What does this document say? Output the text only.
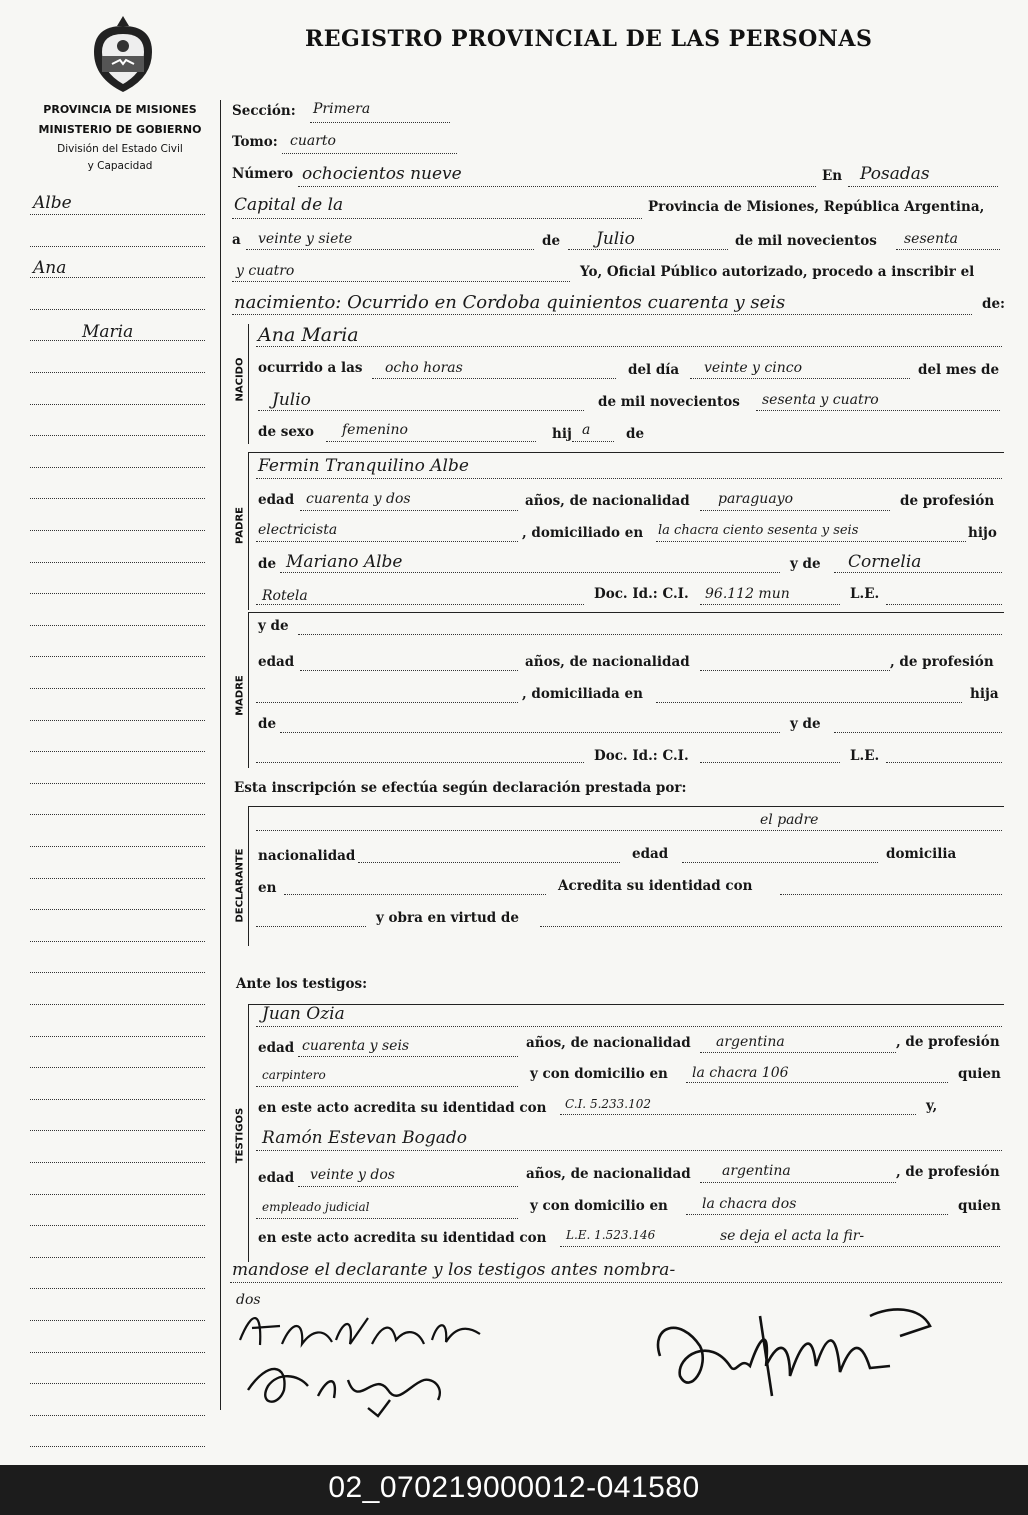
REGISTRO PROVINCIAL DE LAS PERSONAS
PROVINCIA DE MISIONES
MINISTERIO DE GOBIERNO
División del Estado Civil
y Capacidad
Albe
Ana
Maria
Sección: Primera
Tomo: cuarto
Número ochocientos nueve	En Posadas
Capital de la	Provincia de Misiones, República Argentina,
a veinte y siete	de Julio	de mil novecientos sesenta
y cuatro	Yo, Oficial Público autorizado, procedo a inscribir el
nacimiento: Ocurrido en Cordoba quinientos cuarenta y seis	de:
NACIDO
Ana Maria
ocurrido a las ocho horas	del día veinte y cinco	del mes de
Julio	de mil novecientos sesenta y cuatro
de sexo femenino	hij a	de
PADRE
Fermin Tranquilino Albe
edad cuarenta y dos	años, de nacionalidad paraguayo	de profesión
electricista	, domiciliado en la chacra ciento sesenta y seis	hijo
de Mariano Albe	y de Cornelia
Rotela	Doc. Id.: C.I. 96.112 mun	L.E.
MADRE
y de
edad	años, de nacionalidad	, de profesión
, domiciliada en	hija
de	y de
Doc. Id.: C.I.	L.E.
Esta inscripción se efectúa según declaración prestada por:
DECLARANTE
el padre
nacionalidad	edad	domicilia
en	Acredita su identidad con
y obra en virtud de
Ante los testigos:
TESTIGOS
Juan Ozia
edad cuarenta y seis	años, de nacionalidad argentina	, de profesión
carpintero	y con domicilio en la chacra 106	quien
en este acto acredita su identidad con C.I. 5.233.102	y,
Ramón Estevan Bogado
edad veinte y dos	años, de nacionalidad argentina	, de profesión
empleado judicial	y con domicilio en la chacra dos	quien
en este acto acredita su identidad con L.E. 1.523.146	se deja el acta la fir-
mandose el declarante y los testigos antes nombra-
dos
02_070219000012-041580
